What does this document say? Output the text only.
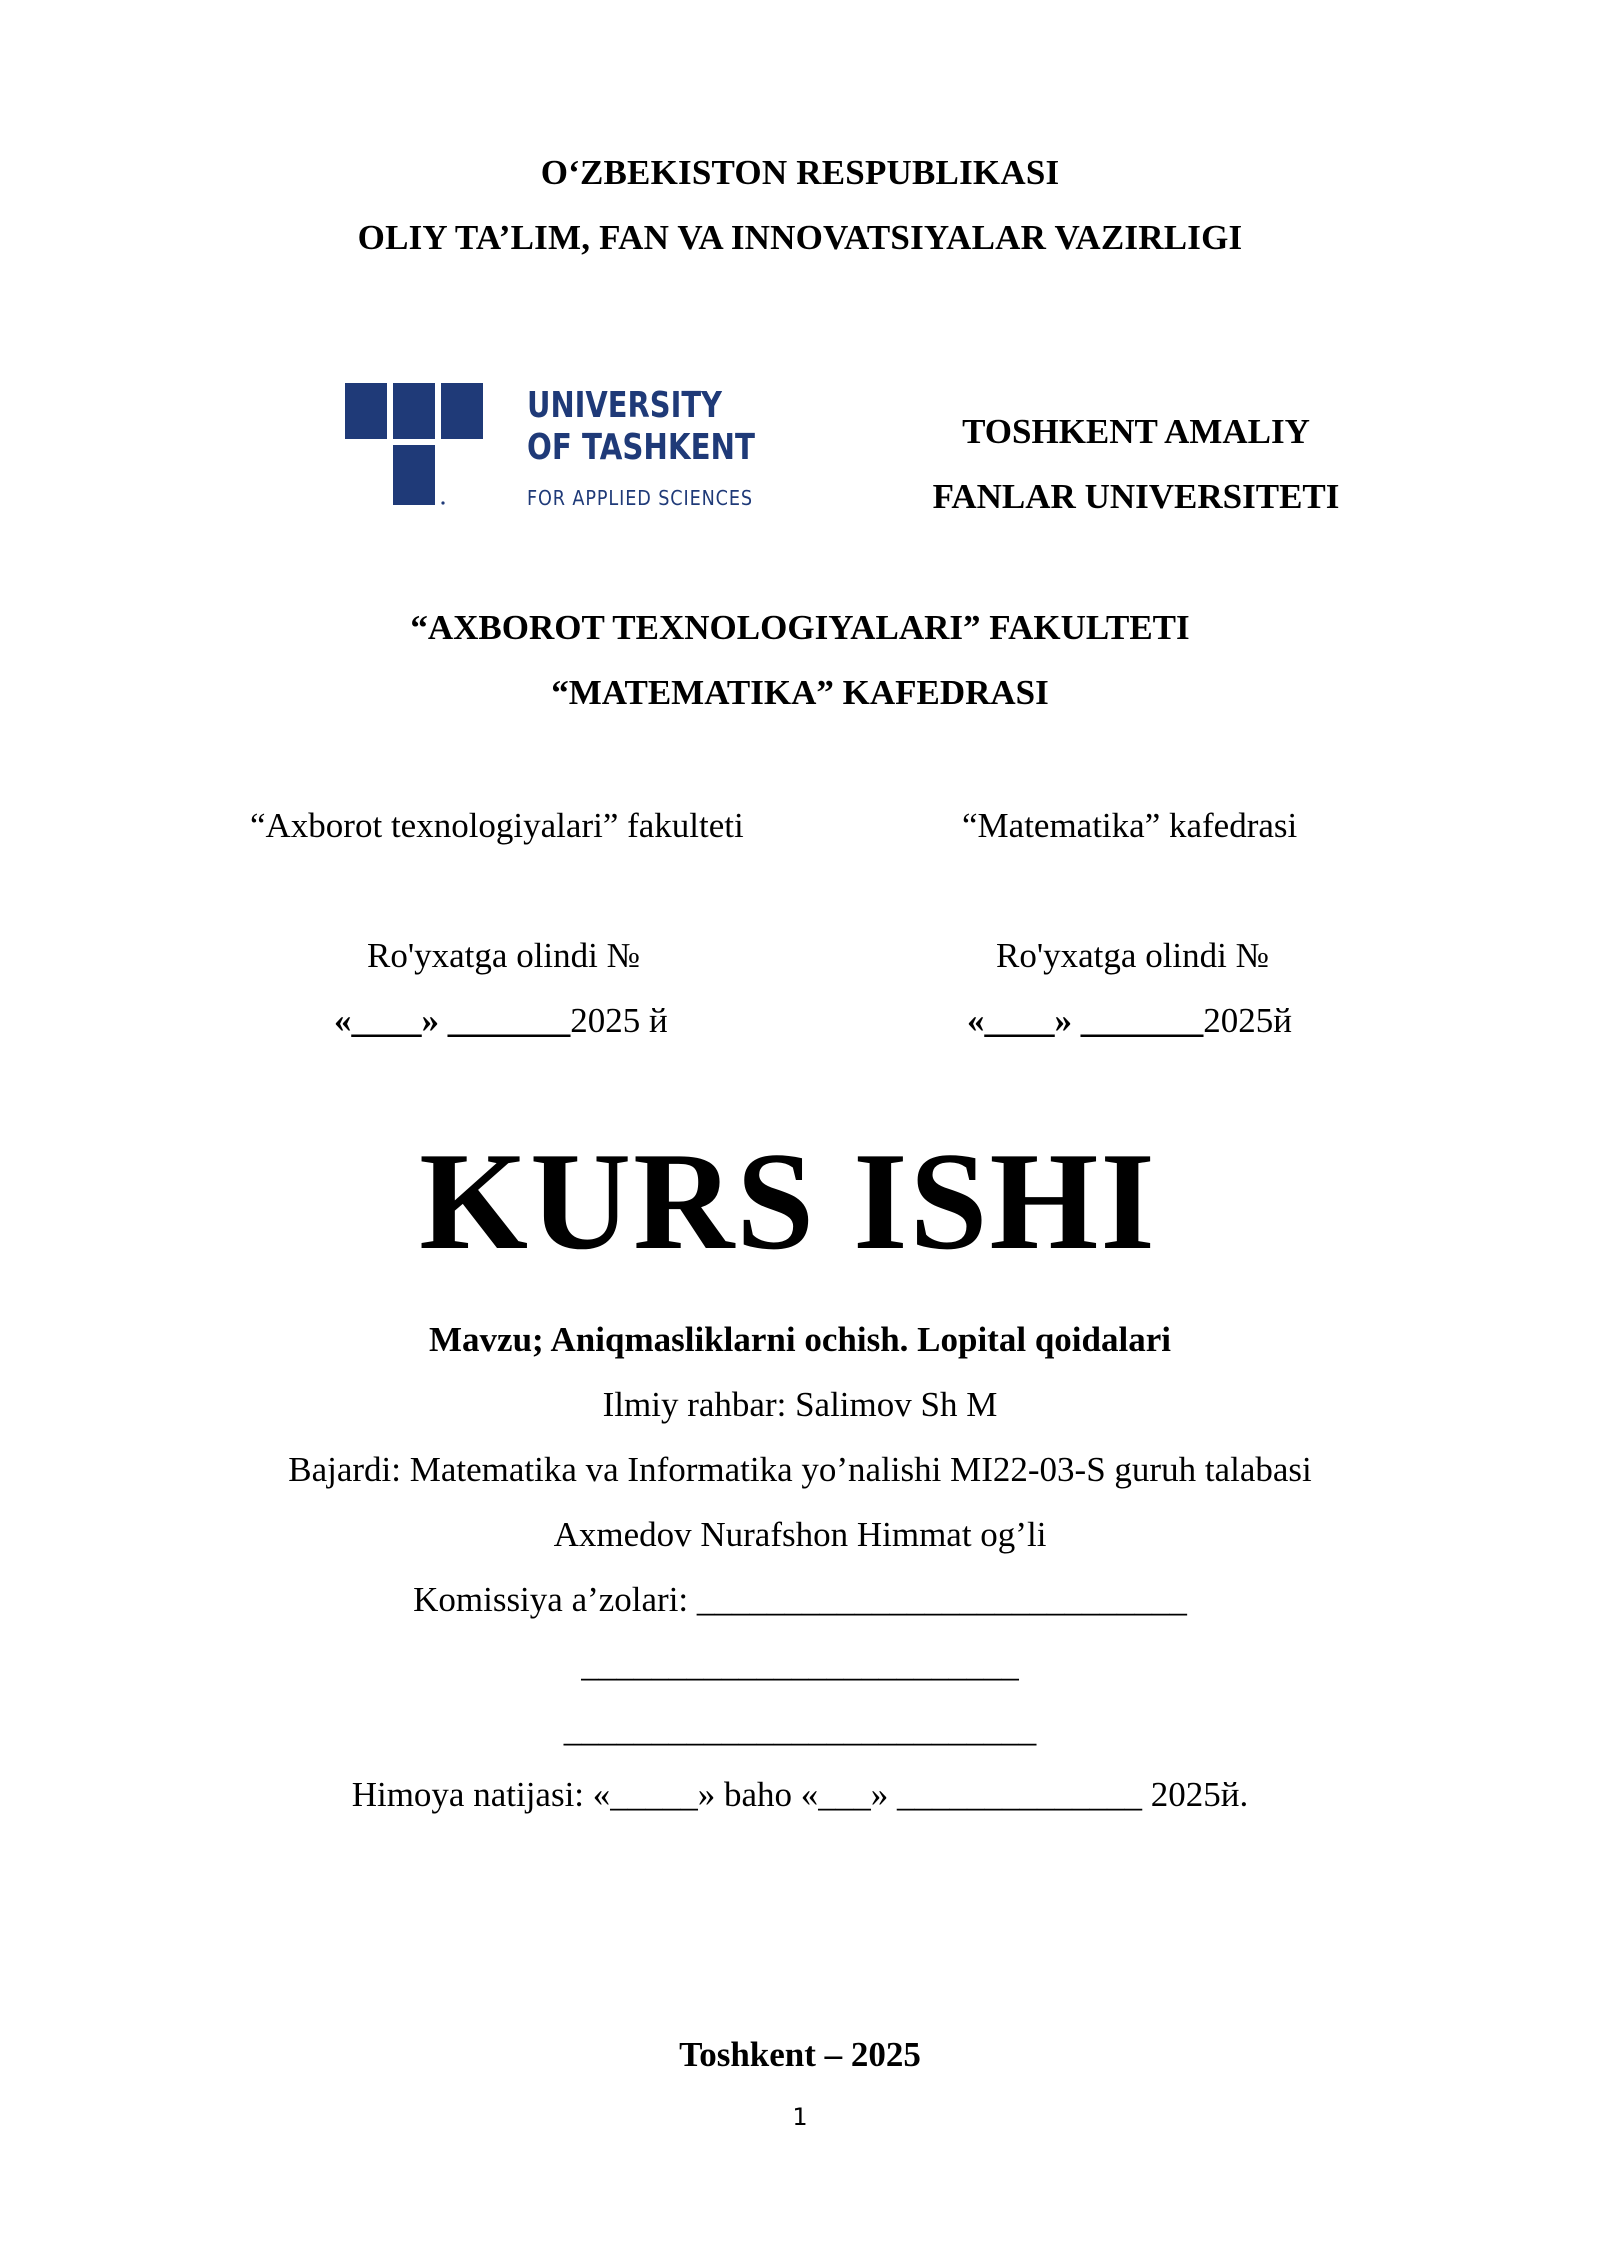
O‘ZBEKISTON RESPUBLIKASI
OLIY TA’LIM, FAN VA INNOVATSIYALAR VAZIRLIGI
UNIVERSITY
OF TASHKENT
FOR APPLIED SCIENCES
TOSHKENT AMALIY
FANLAR UNIVERSITETI
“AXBOROT TEXNOLOGIYALARI” FAKULTETI
“MATEMATIKA” KAFEDRASI
“Axborot texnologiyalari” fakulteti
Ro'yxatga olindi №
«____» _______2025 й
“Matematika” kafedrasi
Ro'yxatga olindi №
«____» _______2025й
KURS ISHI
Mavzu; Aniqmasliklarni ochish. Lopital qoidalari
Ilmiy rahbar: Salimov Sh M
Bajardi: Matematika va Informatika yo’nalishi MI22-03-S guruh talabasi
Axmedov Nurafshon Himmat og’li
Komissiya a’zolari: ____________________________
_________________________
___________________________
Himoya natijasi: «_____» baho «___» ______________ 2025й.
Toshkent – 2025
1
